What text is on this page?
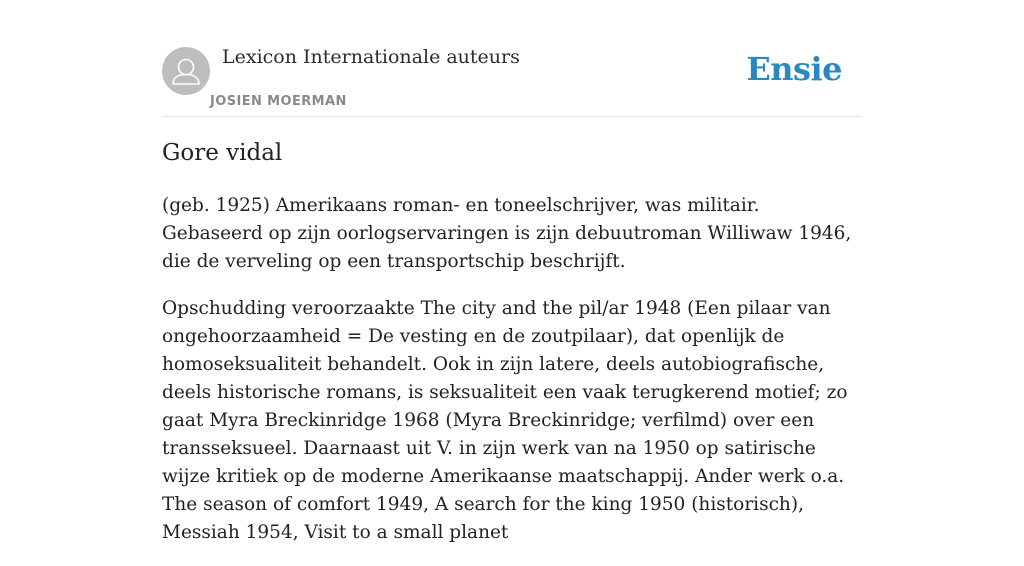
Lexicon Internationale auteurs
JOSIEN MOERMAN
Ensie
Gore vidal

(geb. 1925) Amerikaans roman- en toneelschrijver, was militair. Gebaseerd op zijn oorlogservaringen is zijn debuutroman Williwaw 1946, die de verveling op een transportschip beschrijft.

Opschudding veroorzaakte The city and the pil/ar 1948 (Een pilaar van ongehoorzaamheid = De vesting en de zoutpilaar), dat openlijk de homoseksualiteit behandelt. Ook in zijn latere, deels autobiografische, deels historische romans, is seksualiteit een vaak terugkerend motief; zo gaat Myra Breckinridge 1968 (Myra Breckinridge; verfilmd) over een transseksueel. Daarnaast uit V. in zijn werk van na 1950 op satirische wijze kritiek op de moderne Amerikaanse maatschappij. Ander werk o.a. The season of comfort 1949, A search for the king 1950 (historisch), Messiah 1954, Visit to a small planet
